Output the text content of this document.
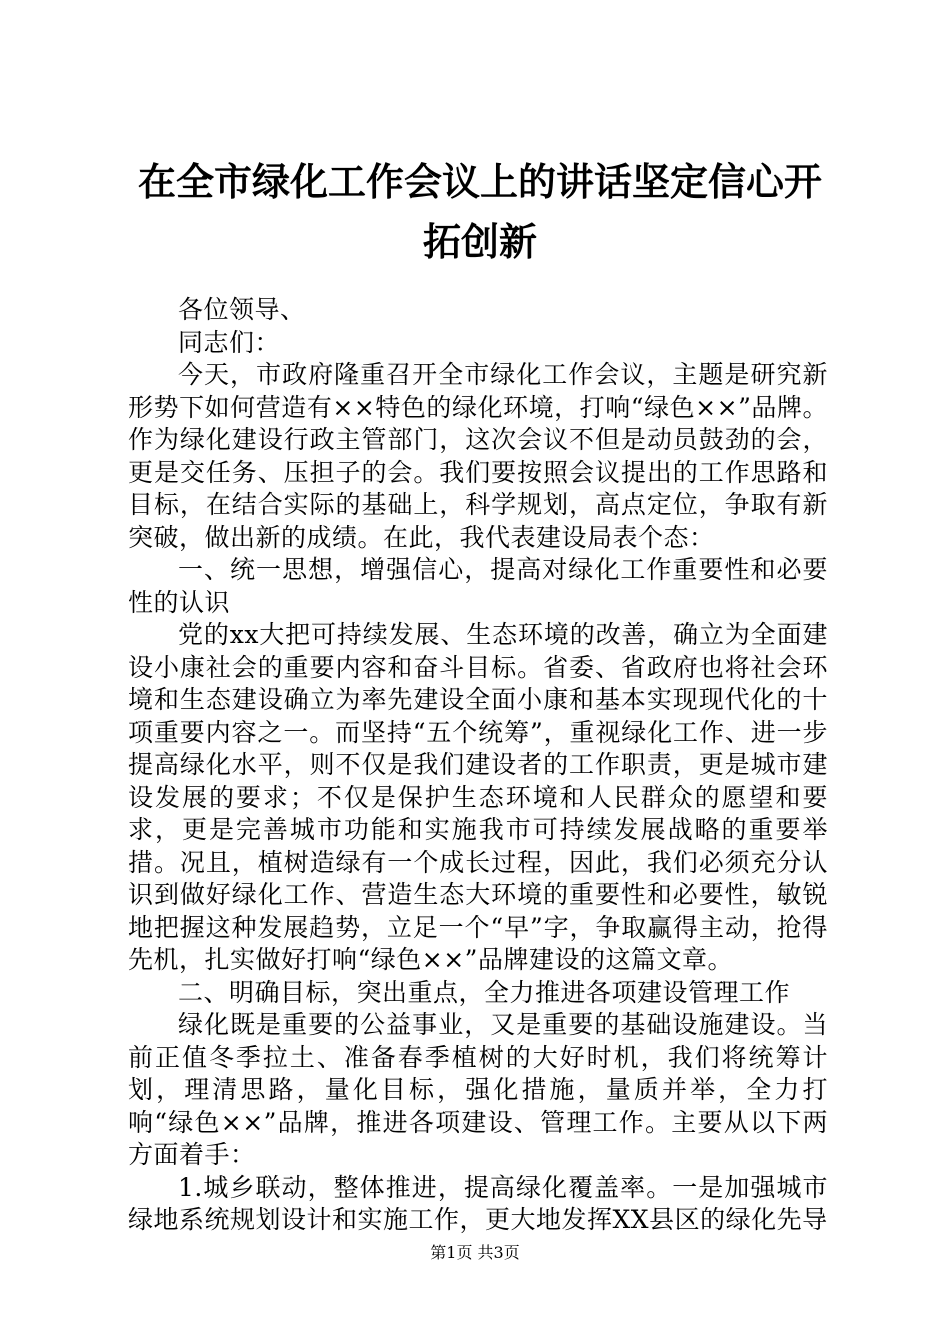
在全市绿化工作会议上的讲话坚定信心开拓创新

各位领导、

同志们：

今天，市政府隆重召开全市绿化工作会议，主题是研究新形势下如何营造有××特色的绿化环境，打响“绿色××”品牌。作为绿化建设行政主管部门，这次会议不但是动员鼓劲的会，更是交任务、压担子的会。我们要按照会议提出的工作思路和目标，在结合实际的基础上，科学规划，高点定位，争取有新突破，做出新的成绩。在此，我代表建设局表个态：

一、统一思想，增强信心，提高对绿化工作重要性和必要性的认识

党的xx大把可持续发展、生态环境的改善，确立为全面建设小康社会的重要内容和奋斗目标。省委、省政府也将社会环境和生态建设确立为率先建设全面小康和基本实现现代化的十项重要内容之一。而坚持“五个统筹”，重视绿化工作、进一步提高绿化水平，则不仅是我们建设者的工作职责，更是城市建设发展的要求；不仅是保护生态环境和人民群众的愿望和要求，更是完善城市功能和实施我市可持续发展战略的重要举措。况且，植树造绿有一个成长过程，因此，我们必须充分认识到做好绿化工作、营造生态大环境的重要性和必要性，敏锐地把握这种发展趋势，立足一个“早”字，争取赢得主动，抢得先机，扎实做好打响“绿色××”品牌建设的这篇文章。

二、明确目标，突出重点，全力推进各项建设管理工作

绿化既是重要的公益事业，又是重要的基础设施建设。当前正值冬季拉土、准备春季植树的大好时机，我们将统筹计划，理清思路，量化目标，强化措施，量质并举，全力打响“绿色××”品牌，推进各项建设、管理工作。主要从以下两方面着手：

1.城乡联动，整体推进，提高绿化覆盖率。一是加强城市绿地系统规划设计和实施工作，更大地发挥XX县区的绿化先导

第1页 共3页
